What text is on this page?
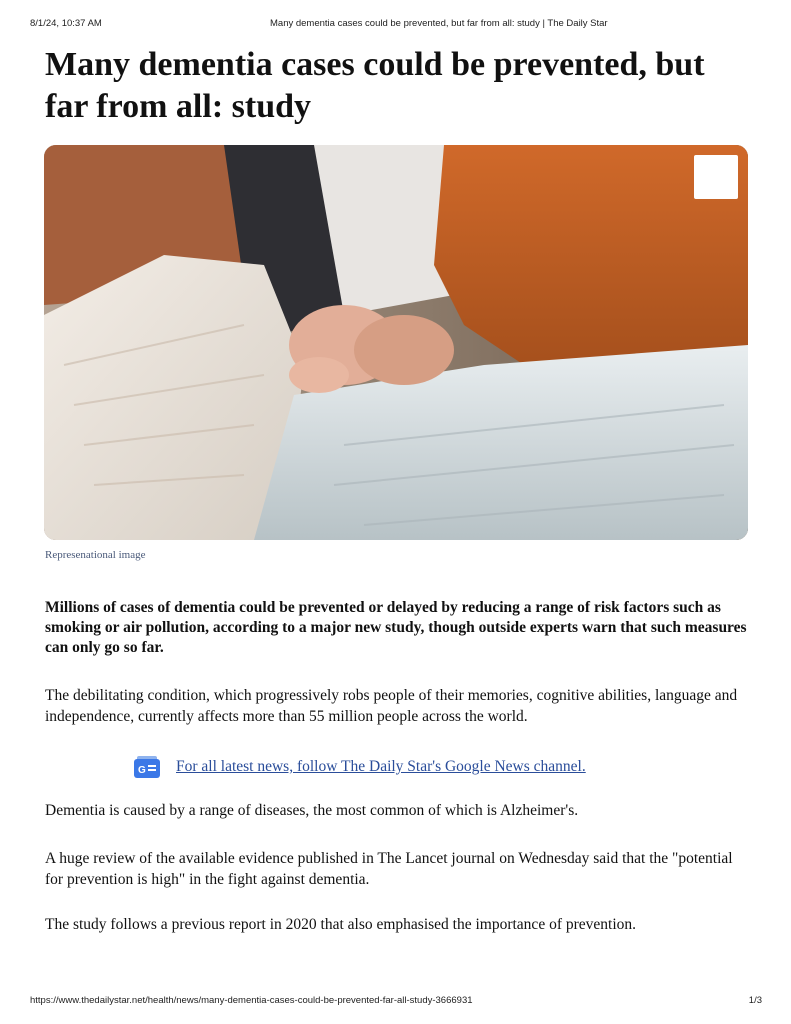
8/1/24, 10:37 AM	Many dementia cases could be prevented, but far from all: study | The Daily Star
Many dementia cases could be prevented, but far from all: study
Represenational image

Millions of cases of dementia could be prevented or delayed by reducing a range of risk factors such as smoking or air pollution, according to a major new study, though outside experts warn that such measures can only go so far.

The debilitating condition, which progressively robs people of their memories, cognitive abilities, language and independence, currently affects more than 55 million people across the world.

G For all latest news, follow The Daily Star's Google News channel.

Dementia is caused by a range of diseases, the most common of which is Alzheimer's.

A huge review of the available evidence published in The Lancet journal on Wednesday said that the "potential for prevention is high" in the fight against dementia.

The study follows a previous report in 2020 that also emphasised the importance of prevention.

https://www.thedailystar.net/health/news/many-dementia-cases-could-be-prevented-far-all-study-3666931	1/3
